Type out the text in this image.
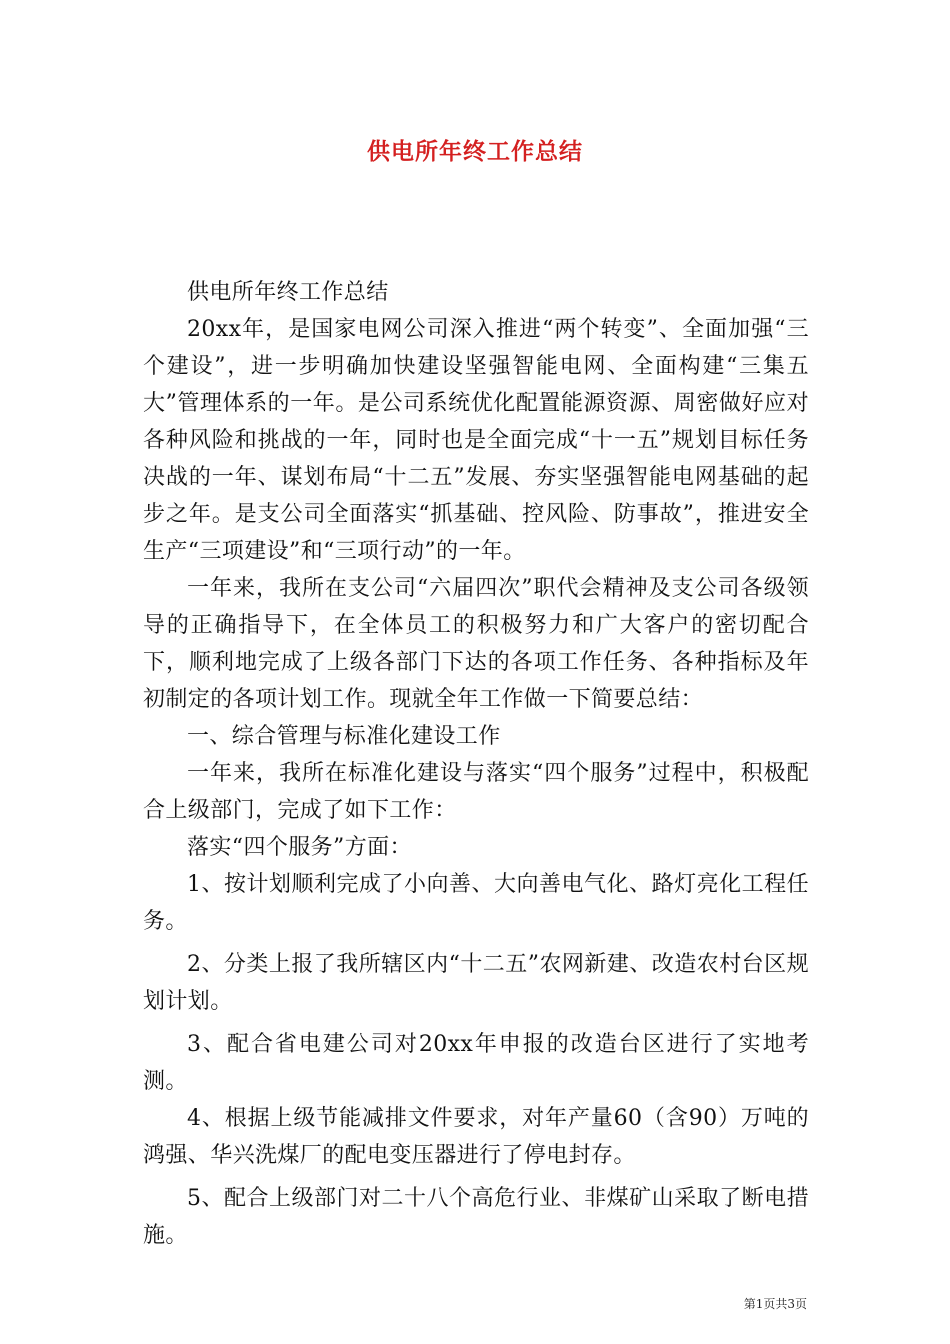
供电所年终工作总结

供电所年终工作总结

20xx年，是国家电网公司深入推进“两个转变”、全面加强“三个建设”，进一步明确加快建设坚强智能电网、全面构建“三集五大”管理体系的一年。是公司系统优化配置能源资源、周密做好应对各种风险和挑战的一年，同时也是全面完成“十一五”规划目标任务决战的一年、谋划布局“十二五”发展、夯实坚强智能电网基础的起步之年。是支公司全面落实“抓基础、控风险、防事故”，推进安全生产“三项建设”和“三项行动”的一年。

一年来，我所在支公司“六届四次”职代会精神及支公司各级领导的正确指导下，在全体员工的积极努力和广大客户的密切配合下，顺利地完成了上级各部门下达的各项工作任务、各种指标及年初制定的各项计划工作。现就全年工作做一下简要总结：

一、综合管理与标准化建设工作

一年来，我所在标准化建设与落实“四个服务”过程中，积极配合上级部门，完成了如下工作：

落实“四个服务”方面：

1、按计划顺利完成了小向善、大向善电气化、路灯亮化工程任务。

2、分类上报了我所辖区内“十二五”农网新建、改造农村台区规划计划。

3、配合省电建公司对20xx年申报的改造台区进行了实地考测。

4、根据上级节能减排文件要求，对年产量60（含90）万吨的鸿强、华兴洗煤厂的配电变压器进行了停电封存。

5、配合上级部门对二十八个高危行业、非煤矿山采取了断电措施。

第1页共3页
